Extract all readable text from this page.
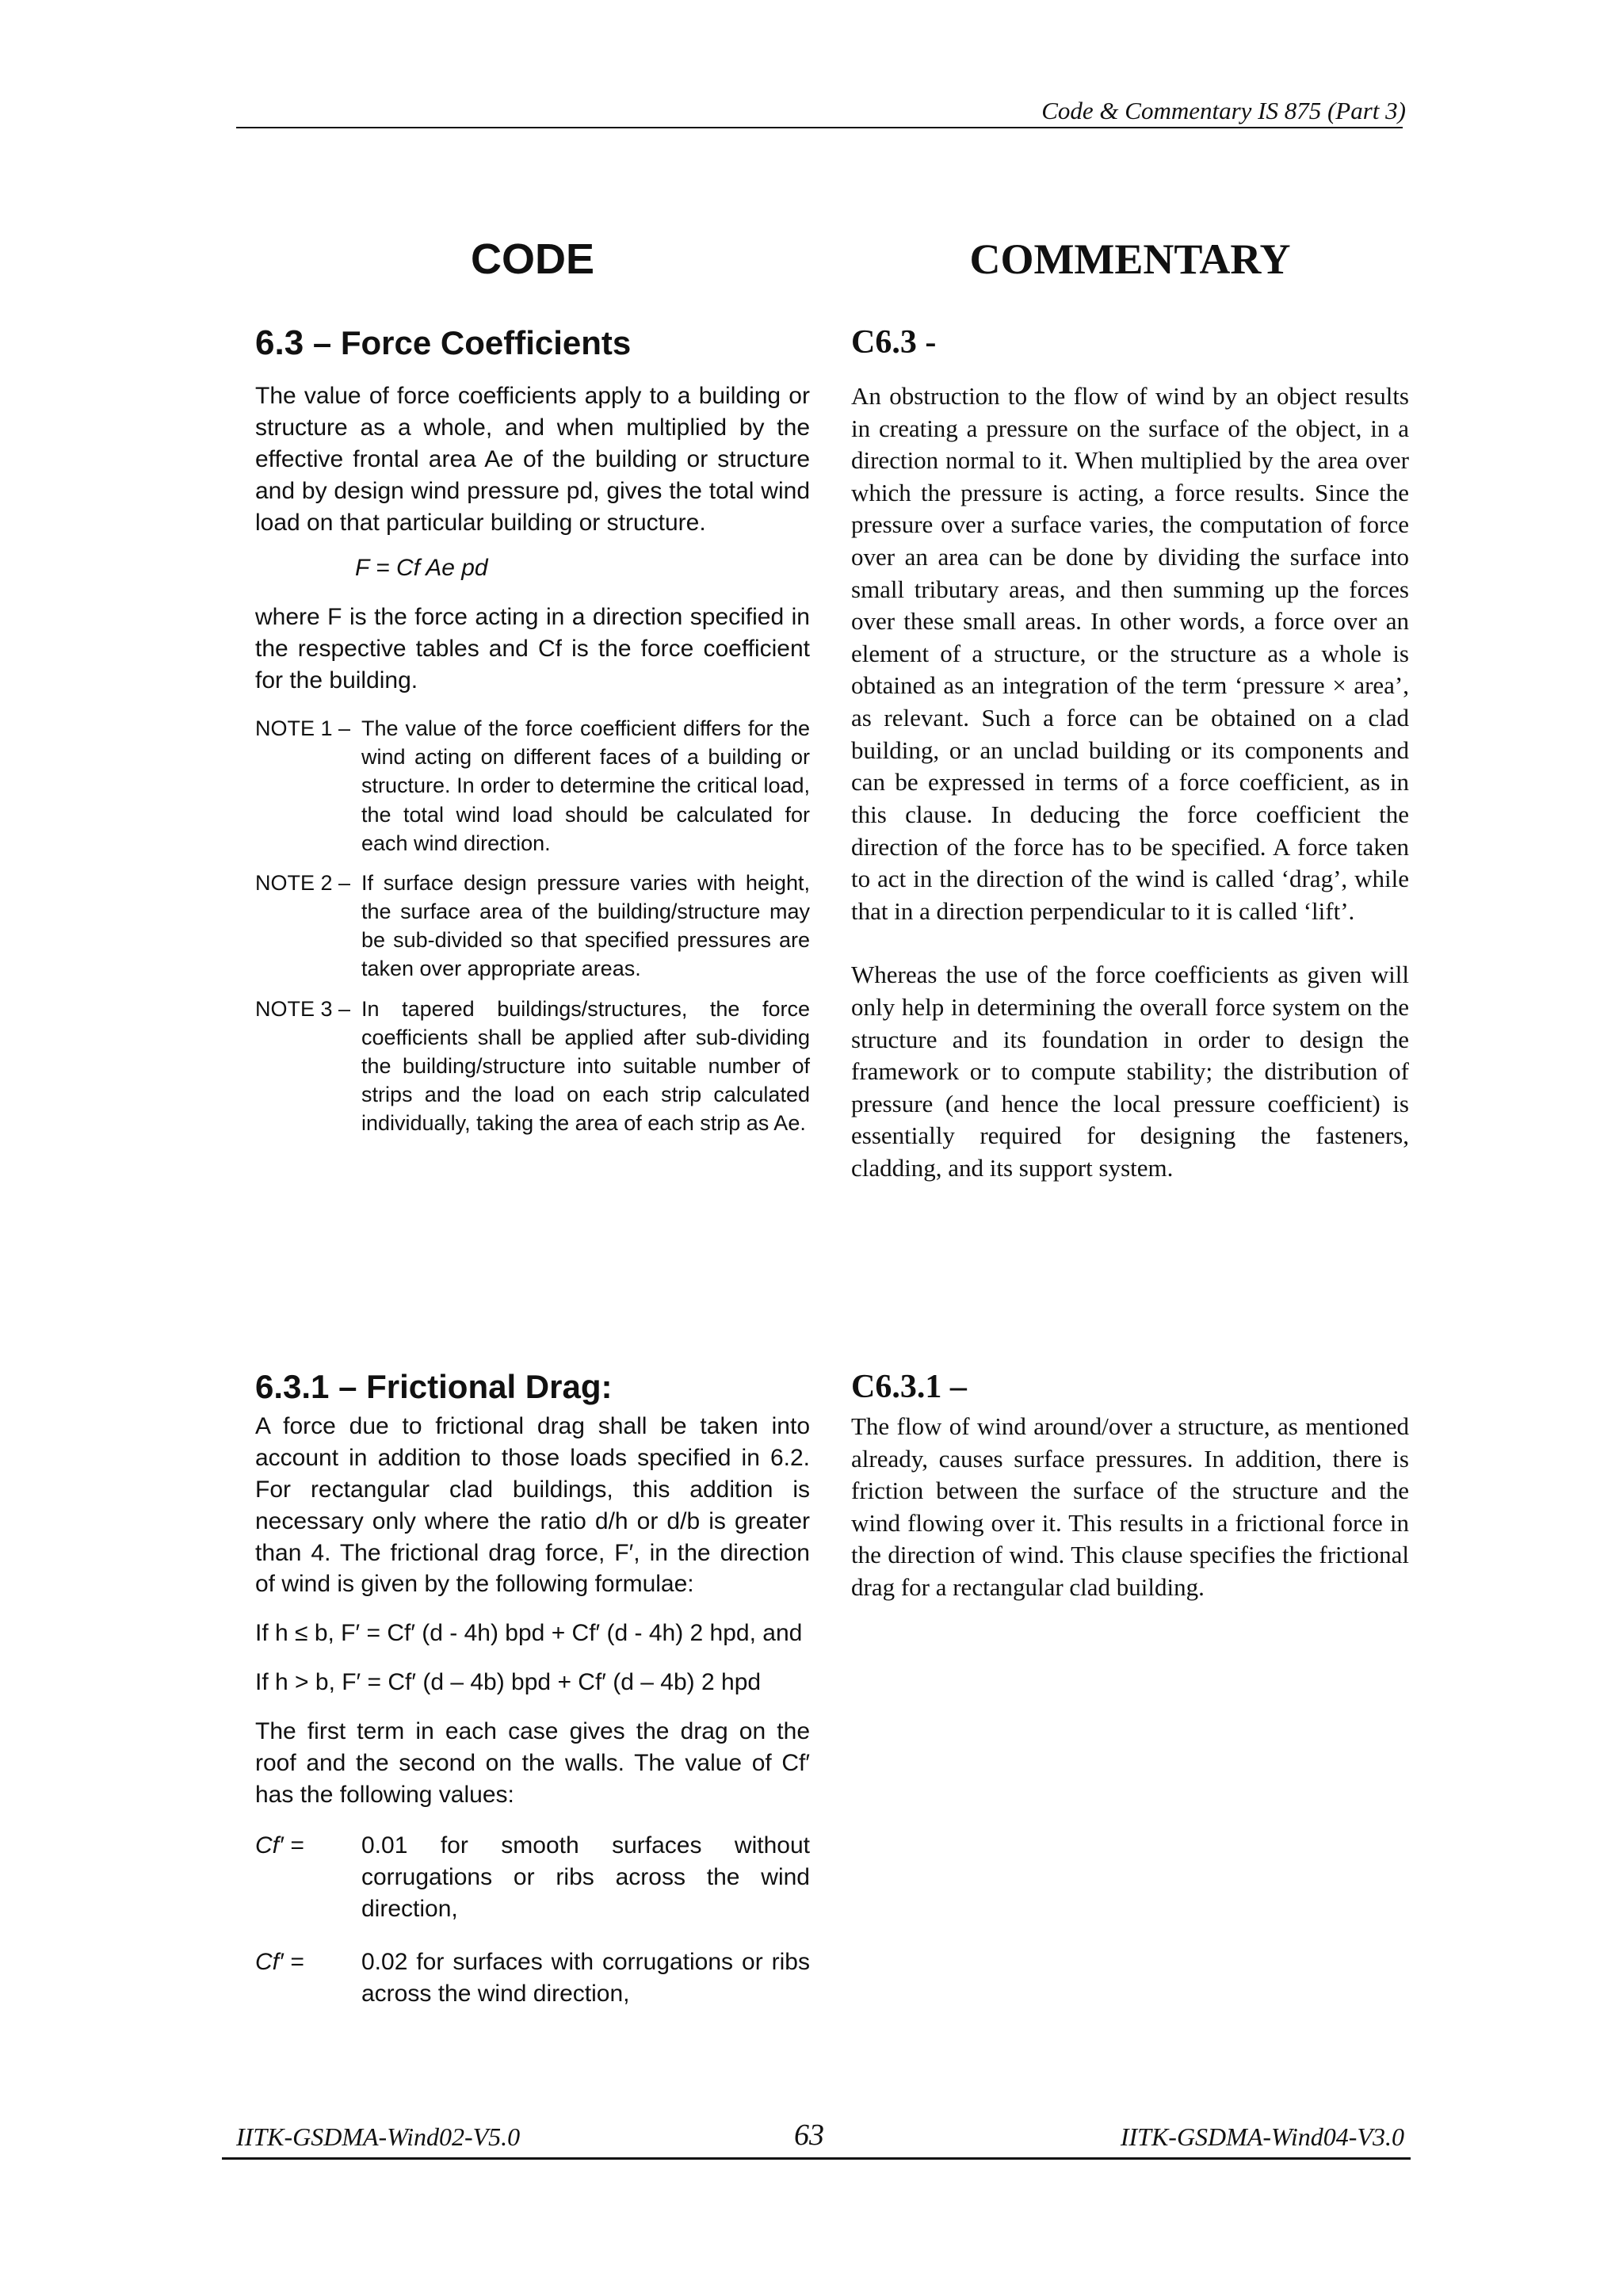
Code & Commentary IS 875 (Part 3)
CODE	COMMENTARY
6.3 – Force Coefficients

The value of force coefficients apply to a building or structure as a whole, and when multiplied by the effective frontal area Ae of the building or structure and by design wind pressure pd, gives the total wind load on that particular building or structure.

F = Cf Ae pd

where F is the force acting in a direction specified in the respective tables and Cf is the force coefficient for the building.

NOTE 1 – The value of the force coefficient differs for the wind acting on different faces of a building or structure. In order to determine the critical load, the total wind load should be calculated for each wind direction.
NOTE 2 – If surface design pressure varies with height, the surface area of the building/structure may be sub-divided so that specified pressures are taken over appropriate areas.
NOTE 3 – In tapered buildings/structures, the force coefficients shall be applied after sub-dividing the building/structure into suitable number of strips and the load on each strip calculated individually, taking the area of each strip as Ae.
C6.3 -

An obstruction to the flow of wind by an object results in creating a pressure on the surface of the object, in a direction normal to it. When multiplied by the area over which the pressure is acting, a force results. Since the pressure over a surface varies, the computation of force over an area can be done by dividing the surface into small tributary areas, and then summing up the forces over these small areas. In other words, a force over an element of a structure, or the structure as a whole is obtained as an integration of the term ‘pressure × area’, as relevant. Such a force can be obtained on a clad building, or an unclad building or its components and can be expressed in terms of a force coefficient, as in this clause. In deducing the force coefficient the direction of the force has to be specified. A force taken to act in the direction of the wind is called ‘drag’, while that in a direction perpendicular to it is called ‘lift’.

Whereas the use of the force coefficients as given will only help in determining the overall force system on the structure and its foundation in order to design the framework or to compute stability; the distribution of pressure (and hence the local pressure coefficient) is essentially required for designing the fasteners, cladding, and its support system.

6.3.1 – Frictional Drag:

A force due to frictional drag shall be taken into account in addition to those loads specified in 6.2. For rectangular clad buildings, this addition is necessary only where the ratio d/h or d/b is greater than 4. The frictional drag force, F′, in the direction of wind is given by the following formulae:

If h ≤ b, F′ = Cf′ (d - 4h) bpd + Cf′ (d - 4h) 2 hpd, and

If h > b, F′ = Cf′ (d – 4b) bpd + Cf′ (d – 4b) 2 hpd

The first term in each case gives the drag on the roof and the second on the walls. The value of Cf′ has the following values:

Cf′ =	0.01 for smooth surfaces without corrugations or ribs across the wind direction,
Cf′ =	0.02 for surfaces with corrugations or ribs across the wind direction,
C6.3.1 –

The flow of wind around/over a structure, as mentioned already, causes surface pressures. In addition, there is friction between the surface of the structure and the wind flowing over it. This results in a frictional force in the direction of wind. This clause specifies the frictional drag for a rectangular clad building.

IITK-GSDMA-Wind02-V5.0	63	IITK-GSDMA-Wind04-V3.0
